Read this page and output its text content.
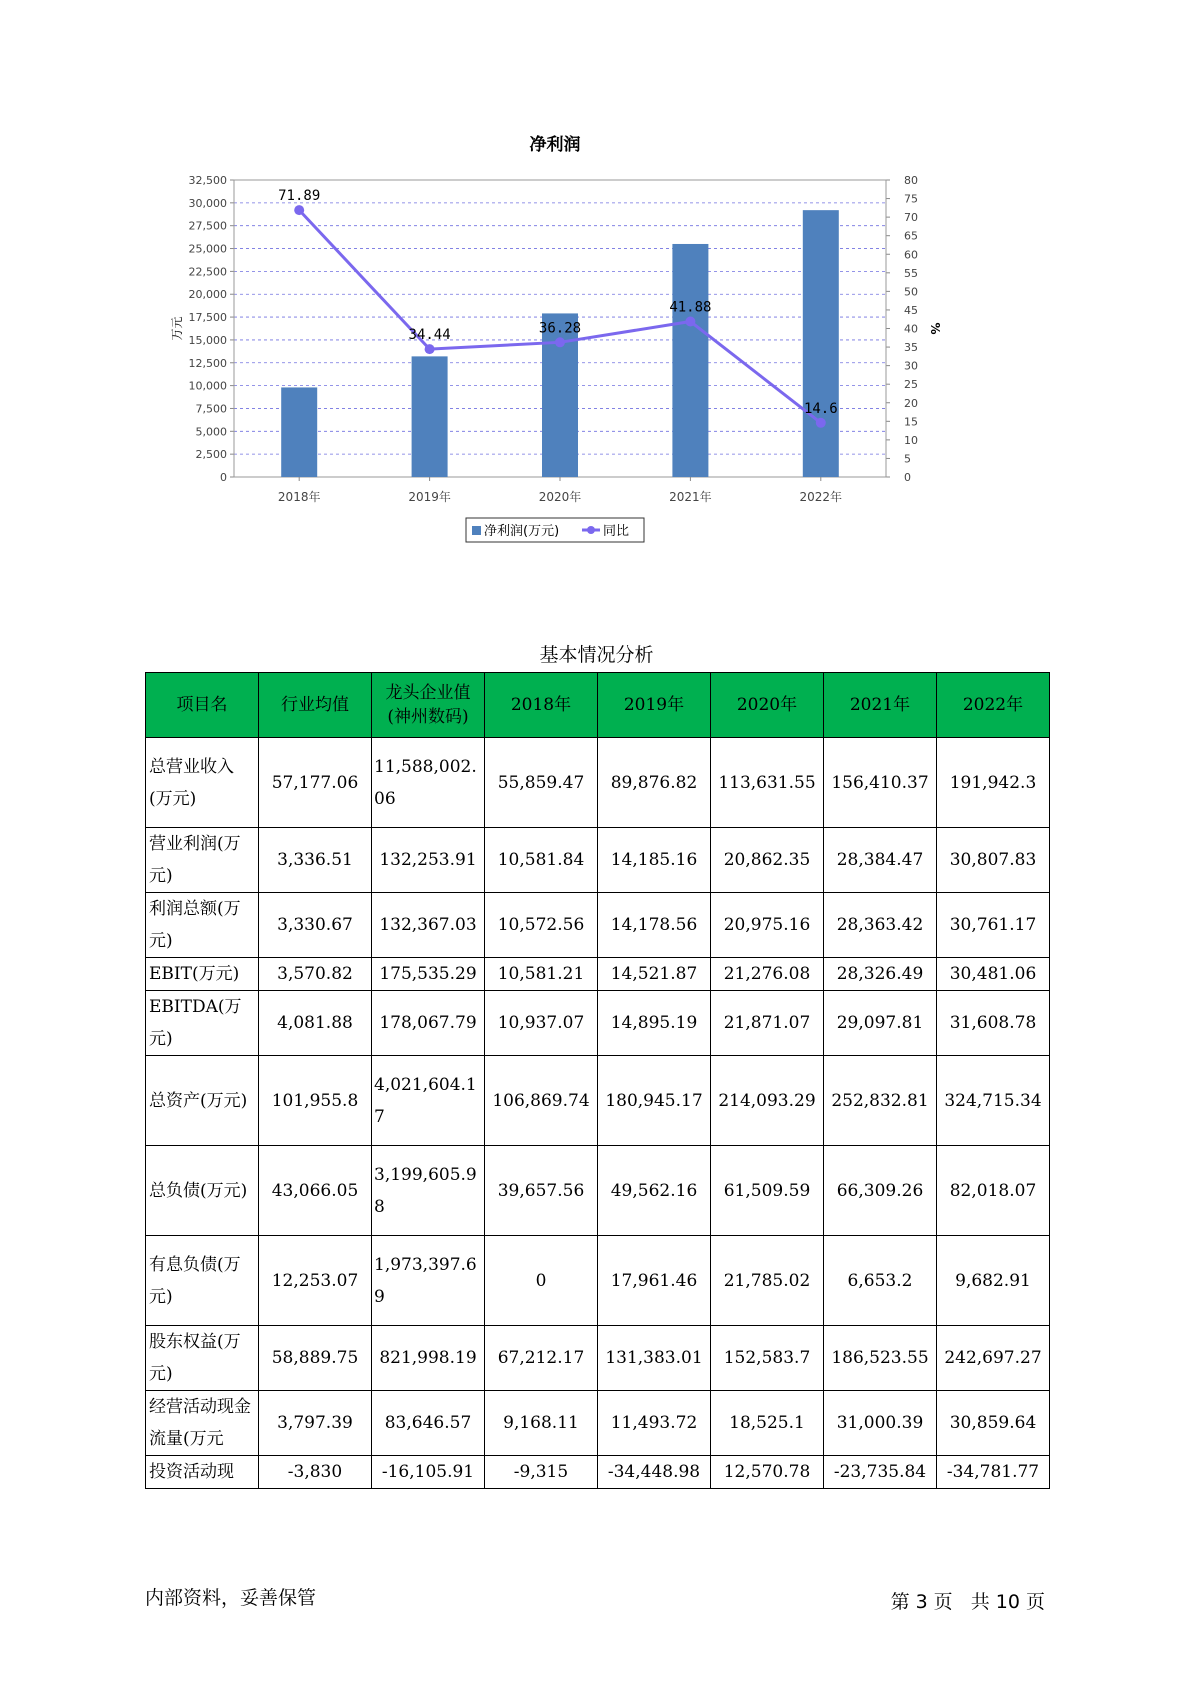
净利润
0
2,500
5,000
7,500
10,000
12,500
15,000
17,500
20,000
22,500
25,000
27,500
30,000
32,500
0
5
10
15
20
25
30
35
40
45
50
55
60
65
70
75
80
万元	%
2018年	2019年	2020年	2021年	2022年
71.89
34.44	36.28
41.88
14.6
净利润(万元)	同比
基本情况分析
项目名	行业均值	龙头企业值(神州数码)	2018年	2019年	2020年	2021年	2022年
总营业收入(万元)	57,177.06	11,588,002.06	55,859.47	89,876.82	113,631.55	156,410.37	191,942.3
营业利润(万元)	3,336.51	132,253.91	10,581.84	14,185.16	20,862.35	28,384.47	30,807.83
利润总额(万元)	3,330.67	132,367.03	10,572.56	14,178.56	20,975.16	28,363.42	30,761.17
EBIT(万元)	3,570.82	175,535.29	10,581.21	14,521.87	21,276.08	28,326.49	30,481.06
EBITDA(万元)	4,081.88	178,067.79	10,937.07	14,895.19	21,871.07	29,097.81	31,608.78
总资产(万元)	101,955.8	4,021,604.17	106,869.74	180,945.17	214,093.29	252,832.81	324,715.34
总负债(万元)	43,066.05	3,199,605.98	39,657.56	49,562.16	61,509.59	66,309.26	82,018.07
有息负债(万元)	12,253.07	1,973,397.69	0	17,961.46	21,785.02	6,653.2	9,682.91
股东权益(万元)	58,889.75	821,998.19	67,212.17	131,383.01	152,583.7	186,523.55	242,697.27
经营活动现金流量(万元	3,797.39	83,646.57	9,168.11	11,493.72	18,525.1	31,000.39	30,859.64
投资活动现	-3,830	-16,105.91	-9,315	-34,448.98	12,570.78	-23,735.84	-34,781.77
内部资料，妥善保管	第 3 页 共 10 页
